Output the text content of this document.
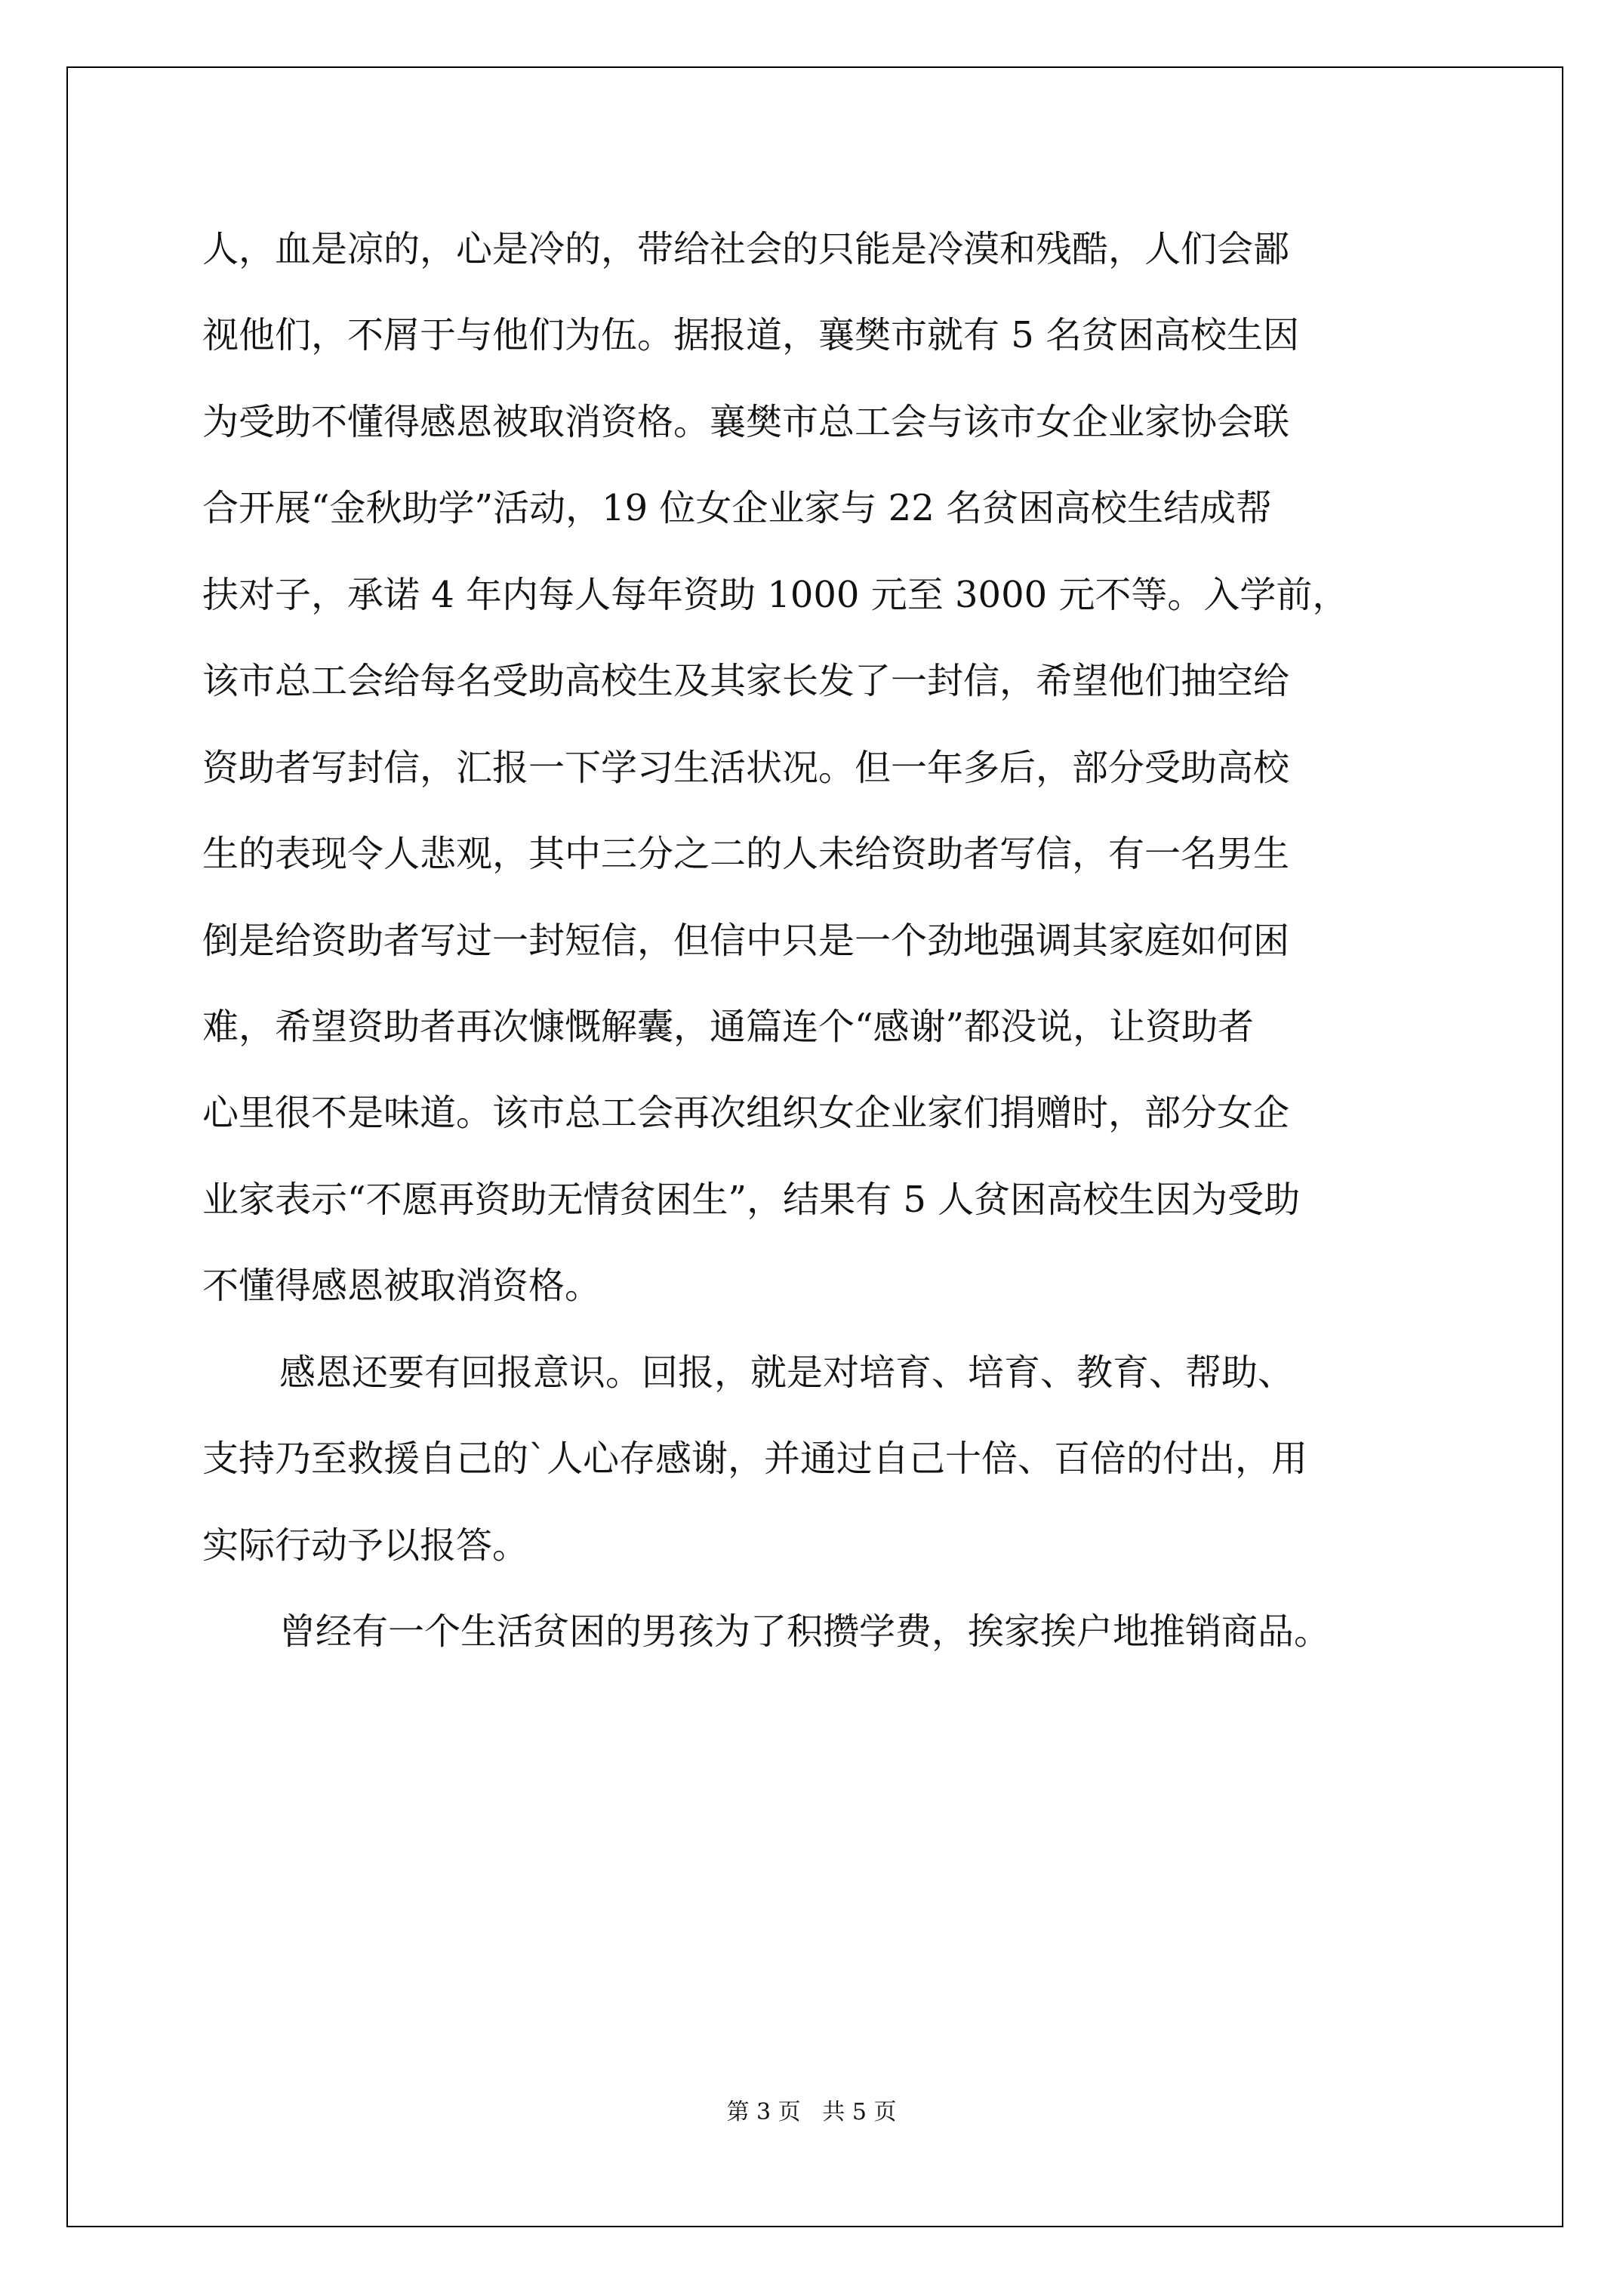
人，血是凉的，心是冷的，带给社会的只能是冷漠和残酷，人们会鄙
视他们，不屑于与他们为伍。据报道，襄樊市就有 5 名贫困高校生因
为受助不懂得感恩被取消资格。襄樊市总工会与该市女企业家协会联
合开展“金秋助学”活动，19 位女企业家与 22 名贫困高校生结成帮
扶对子，承诺 4 年内每人每年资助 1000 元至 3000 元不等。入学前，
该市总工会给每名受助高校生及其家长发了一封信，希望他们抽空给
资助者写封信，汇报一下学习生活状况。但一年多后，部分受助高校
生的表现令人悲观，其中三分之二的人未给资助者写信，有一名男生
倒是给资助者写过一封短信，但信中只是一个劲地强调其家庭如何困
难，希望资助者再次慷慨解囊，通篇连个“感谢”都没说，让资助者
心里很不是味道。该市总工会再次组织女企业家们捐赠时，部分女企
业家表示“不愿再资助无情贫困生”，结果有 5 人贫困高校生因为受助
不懂得感恩被取消资格。
感恩还要有回报意识。回报，就是对培育、培育、教育、帮助、
支持乃至救援自己的`人心存感谢，并通过自己十倍、百倍的付出，用
实际行动予以报答。
曾经有一个生活贫困的男孩为了积攒学费，挨家挨户地推销商品。
第 3 页 共 5 页
